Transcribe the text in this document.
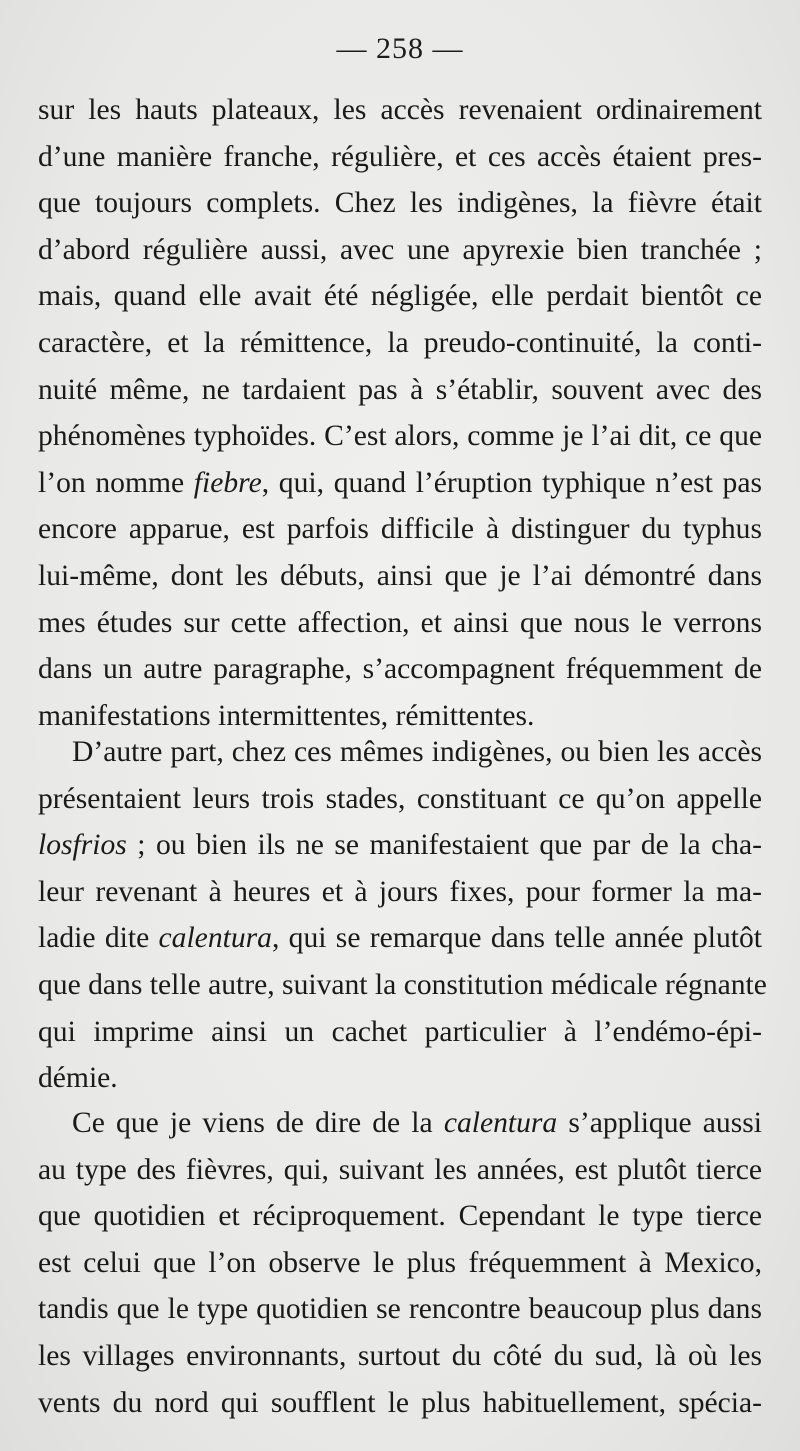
— 258 —
sur les hauts plateaux, les accès revenaient ordinairement
d’une manière franche, régulière, et ces accès étaient pres-
que toujours complets. Chez les indigènes, la fièvre était
d’abord régulière aussi, avec une apyrexie bien tranchée ;
mais, quand elle avait été négligée, elle perdait bientôt ce
caractère, et la rémittence, la preudo-continuité, la conti-
nuité même, ne tardaient pas à s’établir, souvent avec des
phénomènes typhoïdes. C’est alors, comme je l’ai dit, ce que
l’on nomme fiebre, qui, quand l’éruption typhique n’est pas
encore apparue, est parfois difficile à distinguer du typhus
lui-même, dont les débuts, ainsi que je l’ai démontré dans
mes études sur cette affection, et ainsi que nous le verrons
dans un autre paragraphe, s’accompagnent fréquemment de
manifestations intermittentes, rémittentes.
D’autre part, chez ces mêmes indigènes, ou bien les accès
présentaient leurs trois stades, constituant ce qu’on appelle
losfrios ; ou bien ils ne se manifestaient que par de la cha-
leur revenant à heures et à jours fixes, pour former la ma-
ladie dite calentura, qui se remarque dans telle année plutôt
que dans telle autre, suivant la constitution médicale régnante
qui imprime ainsi un cachet particulier à l’endémo-épi-
démie.
Ce que je viens de dire de la calentura s’applique aussi
au type des fièvres, qui, suivant les années, est plutôt tierce
que quotidien et réciproquement. Cependant le type tierce
est celui que l’on observe le plus fréquemment à Mexico,
tandis que le type quotidien se rencontre beaucoup plus dans
les villages environnants, surtout du côté du sud, là où les
vents du nord qui soufflent le plus habituellement, spécia-
